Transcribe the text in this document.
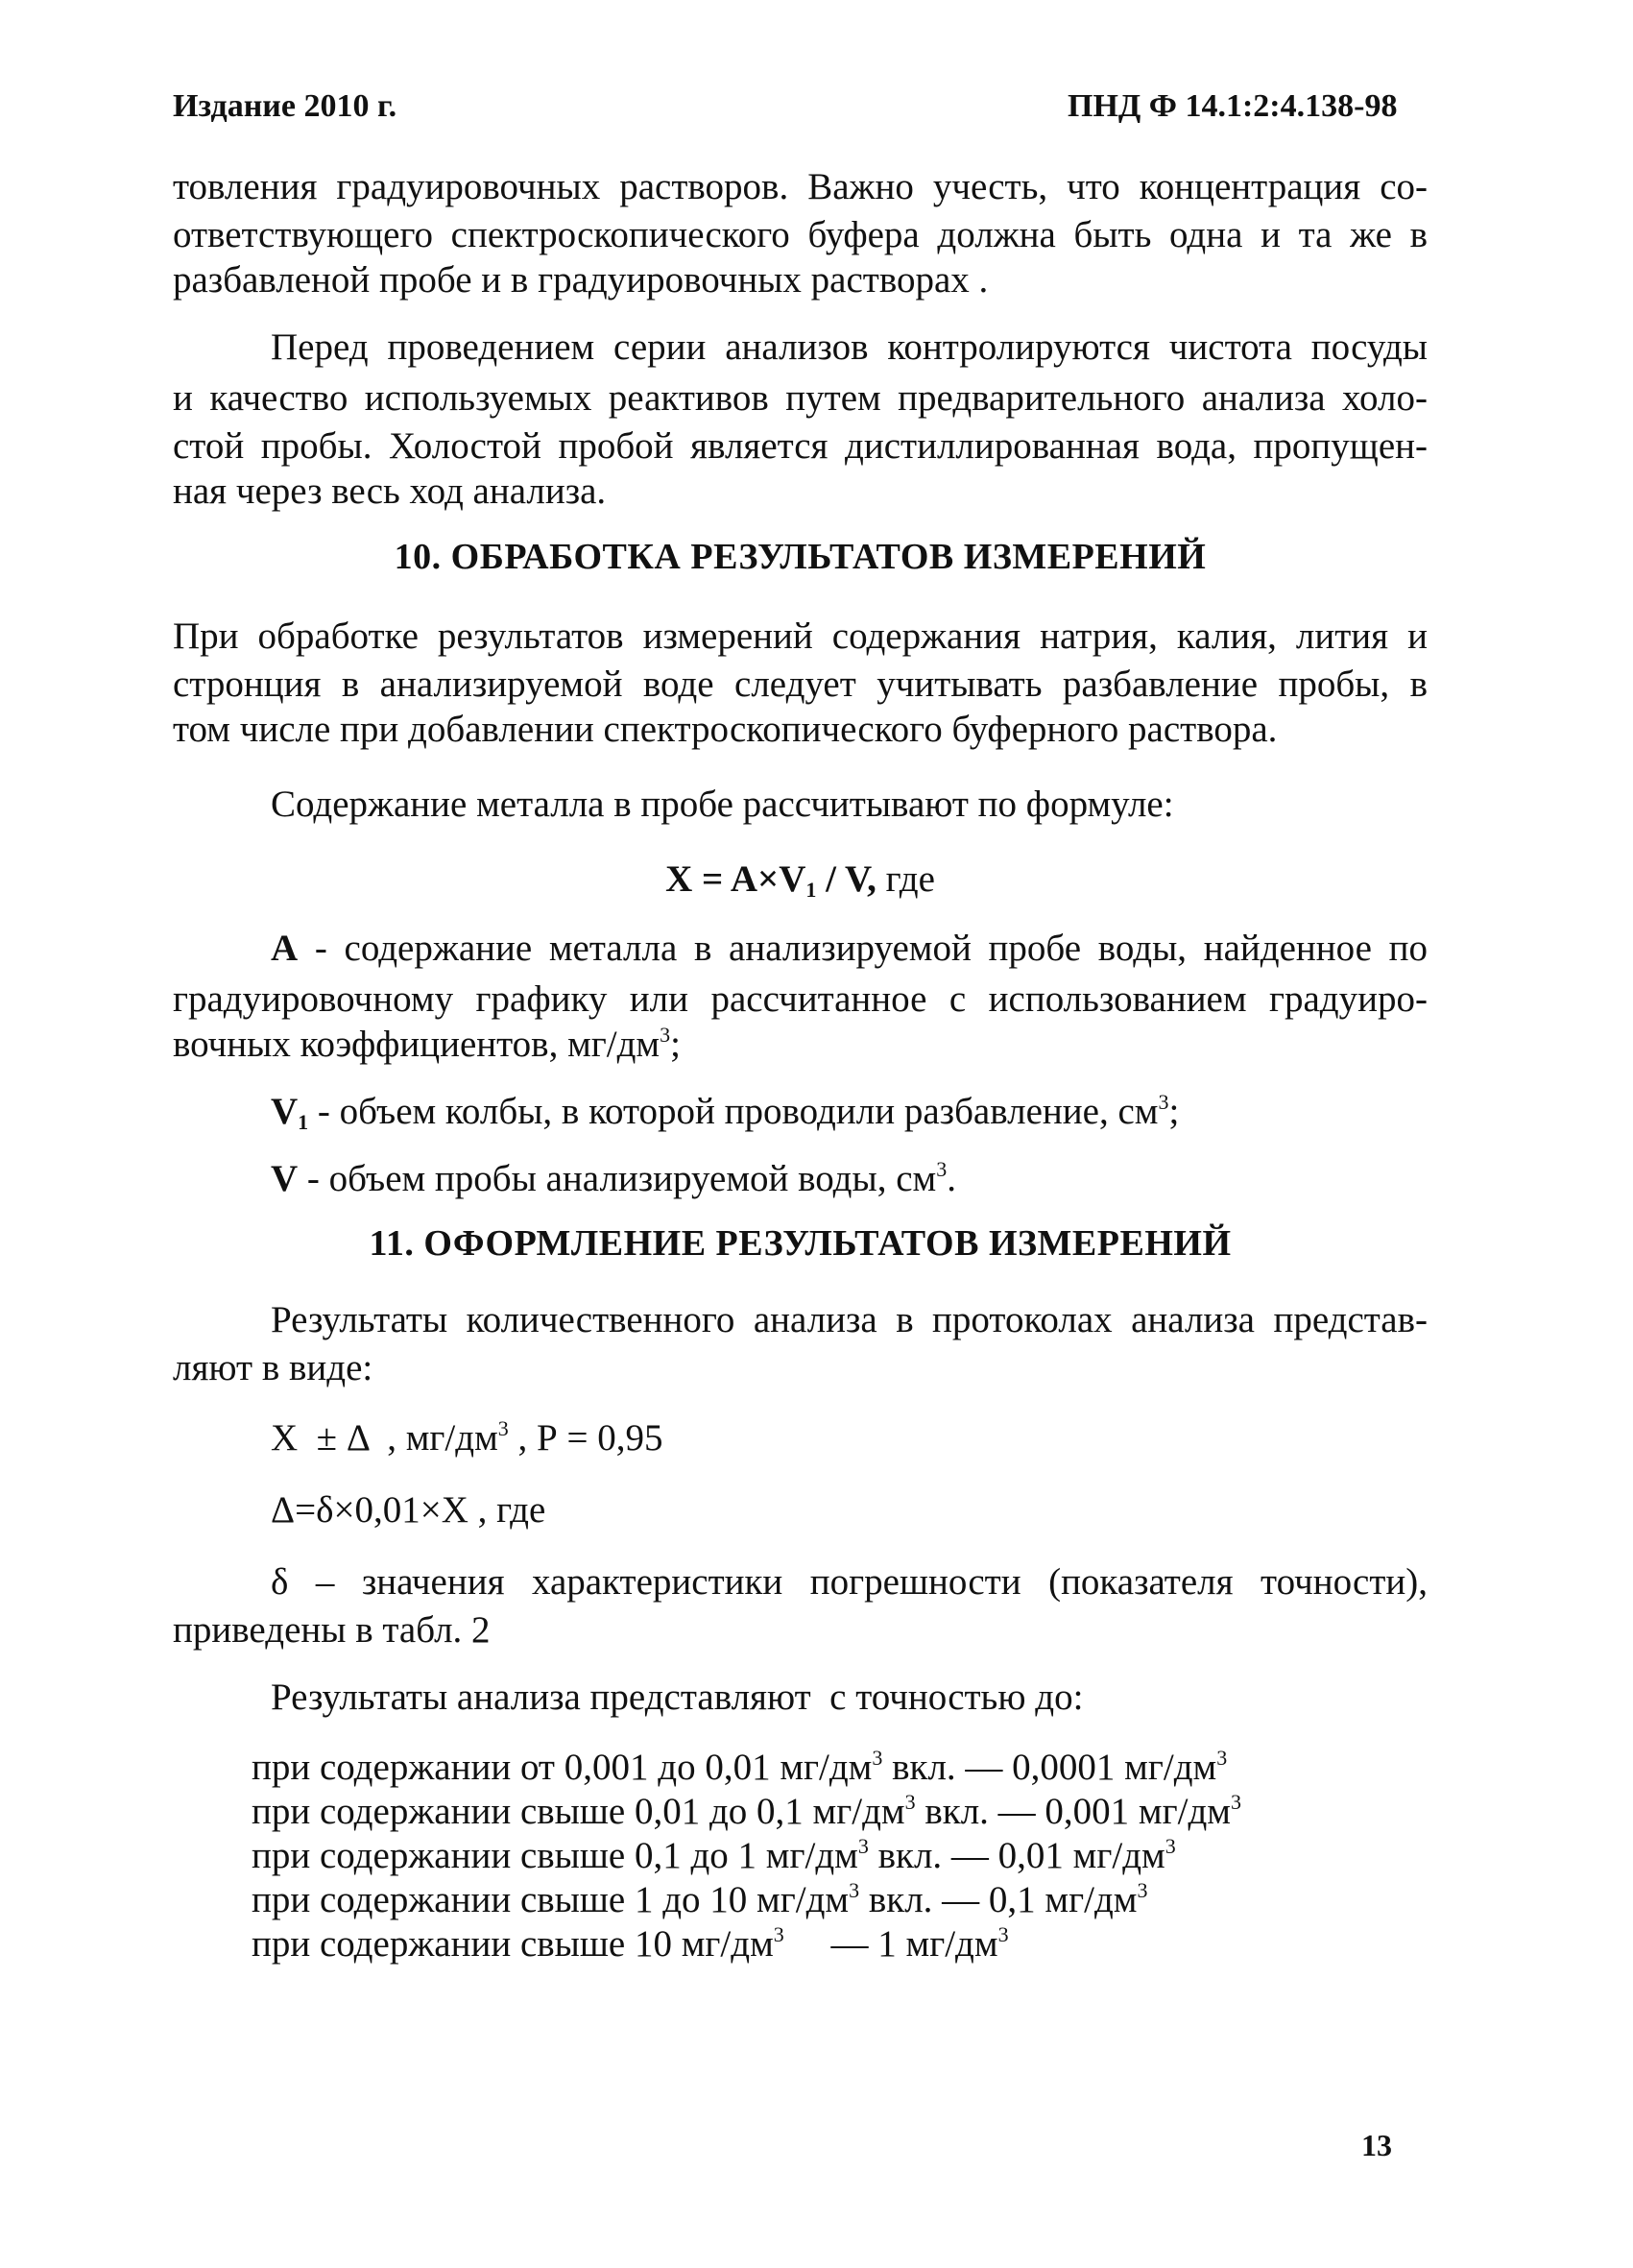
Издание 2010 г.	ПНД Ф 14.1:2:4.138-98
товления градуировочных растворов. Важно учесть, что концентрация со-
ответствующего спектроскопического буфера должна быть одна и та же в
разбавленой пробе и в градуировочных растворах .
Перед проведением серии анализов контролируются чистота посуды
и качество используемых реактивов путем предварительного анализа холо-
стой пробы. Холостой пробой является дистиллированная вода, пропущен-
ная через весь ход анализа.
10. ОБРАБОТКА РЕЗУЛЬТАТОВ ИЗМЕРЕНИЙ
При обработке результатов измерений содержания натрия, калия, лития и
стронция в анализируемой воде следует учитывать разбавление пробы, в
том числе при добавлении спектроскопического буферного раствора.
Содержание металла в пробе рассчитывают по формуле:
$X = A\times V_1 / V$, где
А - содержание металла в анализируемой пробе воды, найденное по
градуировочному графику или рассчитанное с использованием градуиро-
вочных коэффициентов, $мг/дм^3$;
$V_1$ - объем колбы, в которой проводили разбавление, $см^3$;
V - объем пробы анализируемой воды, $см^3$.
11. ОФОРМЛЕНИЕ РЕЗУЛЬТАТОВ ИЗМЕРЕНИЙ
Результаты количественного анализа в протоколах анализа представ-
ляют в виде:
Х  ± Δ  , $мг/дм^3$ , Р = 0,95
Δ=δ×0,01×Х , где
δ – значения характеристики погрешности (показателя точности),
приведены в табл. 2
Результаты анализа представляют  с точностью до:
при содержании от 0,001 до 0,01 $мг/дм^3$ вкл. — 0,0001 $мг/дм^3$
при содержании свыше 0,01 до 0,1 $мг/дм^3$ вкл. — 0,001 $мг/дм^3$
при содержании свыше 0,1 до 1 $мг/дм^3$ вкл. — 0,01 $мг/дм^3$
при содержании свыше 1 до 10 $мг/дм^3$ вкл. — 0,1 $мг/дм^3$
при содержании свыше 10 $мг/дм^3$     — 1 $мг/дм^3$
13
